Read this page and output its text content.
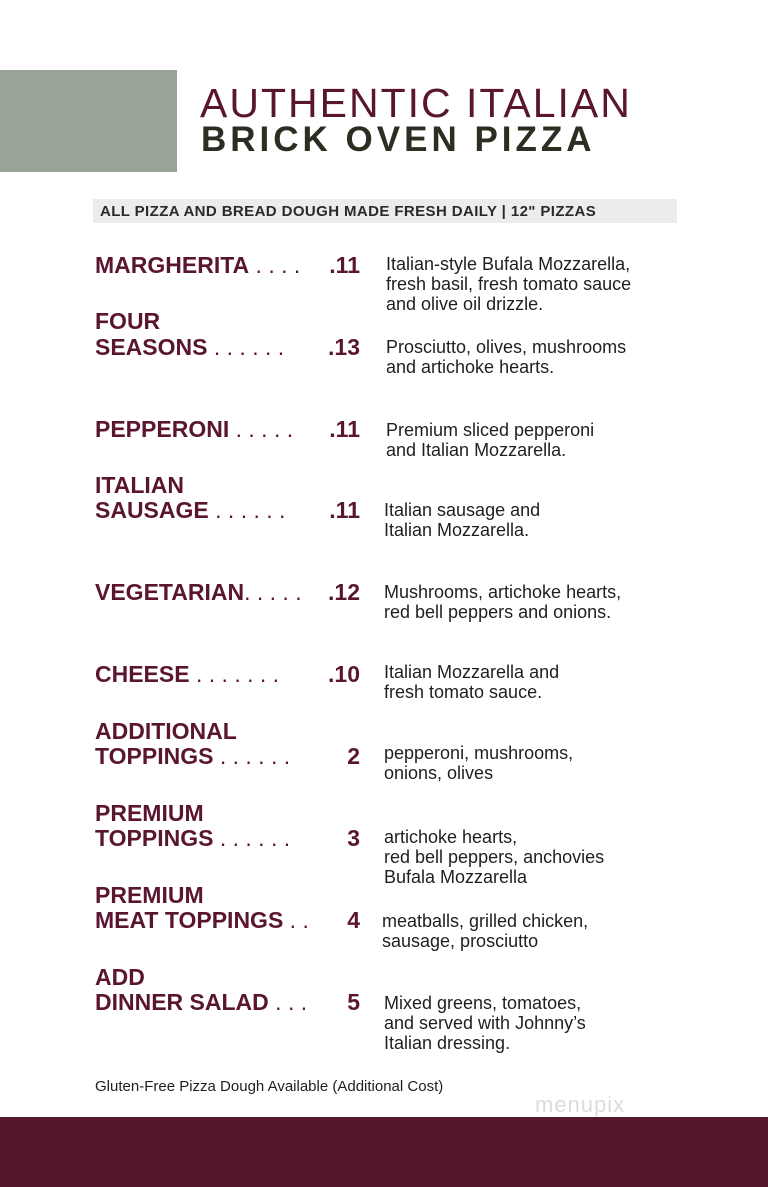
AUTHENTIC ITALIAN
BRICK OVEN PIZZA
ALL PIZZA AND BREAD DOUGH MADE FRESH DAILY | 12" PIZZAS
MARGHERITA . . . . .11 Italian-style Bufala Mozzarella,
fresh basil, fresh tomato sauce
and olive oil drizzle.
FOUR
SEASONS . . . . . . .13 Prosciutto, olives, mushrooms
and artichoke hearts.
PEPPERONI . . . . . .11 Premium sliced pepperoni
and Italian Mozzarella.
ITALIAN
SAUSAGE . . . . . . .11 Italian sausage and
Italian Mozzarella.
VEGETARIAN. . . . . .12 Mushrooms, artichoke hearts,
red bell peppers and onions.
CHEESE . . . . . . . .10 Italian Mozzarella and
fresh tomato sauce.
ADDITIONAL
TOPPINGS . . . . . . 2 pepperoni, mushrooms,
onions, olives
PREMIUM
TOPPINGS . . . . . . 3 artichoke hearts,
red bell peppers, anchovies
Bufala Mozzarella
PREMIUM
MEAT TOPPINGS . . 4 meatballs, grilled chicken,
sausage, prosciutto
ADD
DINNER SALAD . . . 5 Mixed greens, tomatoes,
and served with Johnny’s
Italian dressing.
Gluten-Free Pizza Dough Available (Additional Cost)
menupix
